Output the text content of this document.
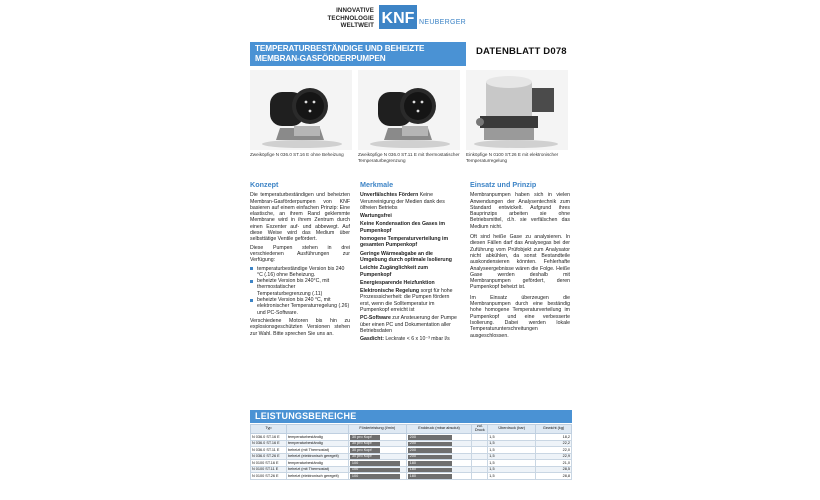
INNOVATIVE
TECHNOLOGIE
WELTWEIT KNF NEUBERGER
TEMPERATURBESTÄNDIGE UND BEHEIZTE
MEMBRAN-GASFÖRDERPUMPEN
DATENBLATT D078
Zweiköpfige N 036.0 ST.16 E ohne Beheizung	Zweiköpfige N 036.0 ST.11 E mit thermostatischer Temperaturbegrenzung
Einköpfige N 0100 ST.26 E mit elektronischer Temperaturregelung
Konzept

Die temperaturbeständigen und beheizten Membran-Gasförderpumpen von KNF basieren auf einem einfachen Prinzip: Eine elastische, an ihrem Rand geklemmte Membrane wird in ihrem Zentrum durch einen Exzenter auf- und abbewegt. Auf diese Weise wird das Medium über selbsttätige Ventile gefördert.

Diese Pumpen stehen in drei verschiedenen Ausführungen zur Verfügung:

temperaturbeständige Version bis 240 °C (.16) ohne Beheizung.
beheizte Version bis 240°C, mit thermostatischer Temperaturbegrenzung (.11)
beheizte Version bis 240 °C, mit elektronischer Temperaturregelung (.26) und PC-Software.

Verschiedene Motoren bis hin zu explosionsgeschützten Versionen stehen zur Wahl. Bitte sprechen Sie uns an.

Merkmale
Unverfälschtes Fördern Keine Verunreinigung der Medien dank des ölfreien Betriebs
Wartungsfrei
Keine Kondensation des Gases im Pumpenkopf
homogene Temperaturverteilung im gesamten Pumpenkopf
Geringe Wärmeabgabe an die Umgebung durch optimale Isolierung
Leichte Zugänglichkeit zum Pumpenkopf
Energiesparende Heizfunktion
Elektronische Regelung sorgt für hohe Prozesssicherheit: die Pumpen fördern erst, wenn die Solltemperatur im Pumpenkopf erreicht ist
PC-Software zur Ansteuerung der Pumpe über einen PC und Dokumentation aller Betriebsdaten
Gasdicht: Leckrate < 6 x 10⁻³ mbar l/s
Einsatz und Prinzip

Membranpumpen haben sich in vielen Anwendungen der Analysentechnik zum Standard entwickelt. Aufgrund ihres Bauprinzips arbeiten sie ohne Betriebsmittel, d.h. sie verfälschen das Medium nicht.

Oft sind heiße Gase zu analysieren. In diesen Fällen darf das Analysegas bei der Zuführung vom Prüfobjekt zum Analysator nicht abkühlen, da sonst Bestandteile auskondensieren könnten. Fehlerhafte Analyseergebnisse wären die Folge. Heiße Gase werden deshalb mit Membranpumpen gefördert, deren Pumpenkopf beheizt ist.

Im Einsatz überzeugen die Membranpumpen durch eine beständig hohe homogene Temperaturverteilung im Pumpenkopf und eine verbesserte Isolierung. Dabei werden lokale Temperaturunterschreitungen ausgeschlossen.

LEISTUNGSBEREICHE
Typ		Förderleistung (l/min)	Enddruck (mbar absolut)	zul. Druck	Überdruck (bar)	Gewicht (kg)
N 036.0 ST.16 E	temperaturbeständig	30 pro Kopf	200		1,5	18,2
N 036.0 ST.16 E	temperaturbeständig	30 pro Kopf	200		1,5	22,2
N 036.0 ST.11 E	beheizt (mit Thermostat)	30 pro Kopf	200		1,5	22,0
N 036.0 ST.26 E	beheizt (elektronisch geregelt)	30 pro Kopf	200		1,5	22,9
N 0100 ST.16 E	temperaturbeständig	100	180		1,5	21,0
N 0100 ST.11 E	beheizt (mit Thermostat)	100	180		1,5	28,5
N 0100 ST.26 E	beheizt (elektronisch geregelt)	100	180		1,5	28,8
